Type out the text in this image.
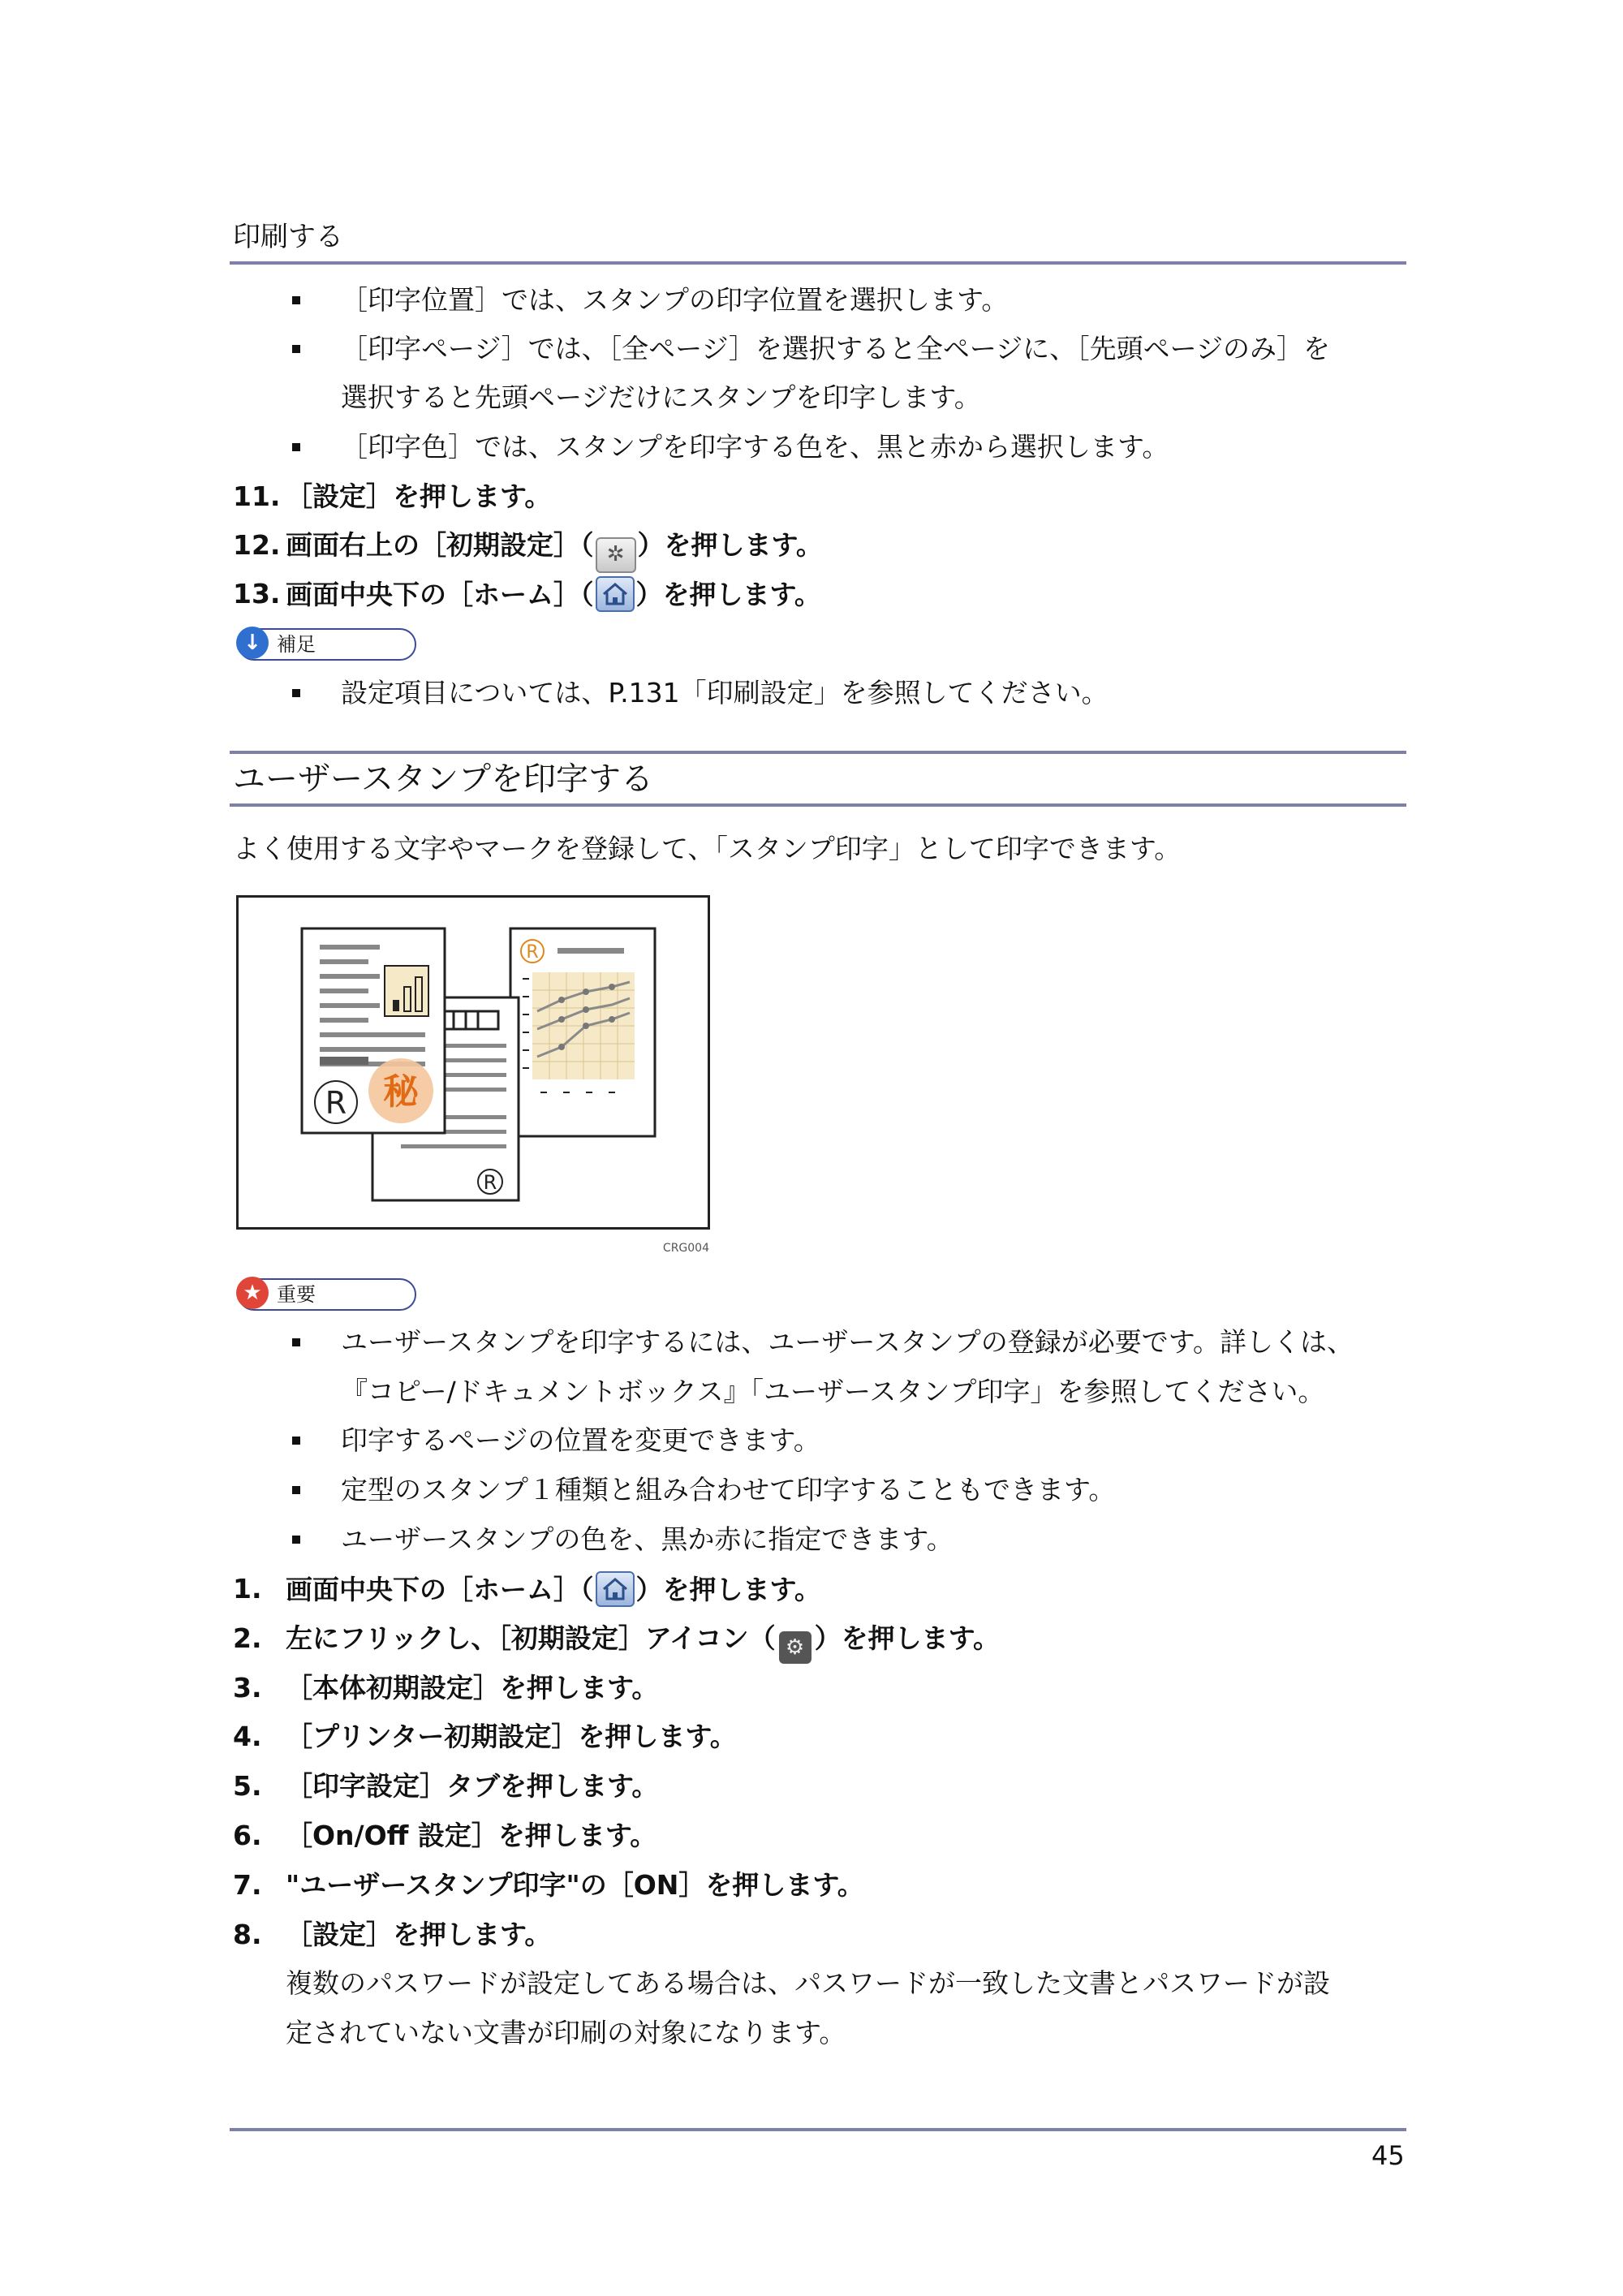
印刷する
［印字位置］では、スタンプの印字位置を選択します。
［印字ページ］では、［全ページ］を選択すると全ページに、［先頭ページのみ］を
選択すると先頭ページだけにスタンプを印字します。
［印字色］では、スタンプを印字する色を、黒と赤から選択します。
11. ［設定］を押します。
12. 画面右上の［初期設定］（ ✲ ）を押します。
13. 画面中央下の［ホーム］（ ）を押します。
↓ 補足
設定項目については、P.131「印刷設定」を参照してください。
ユーザースタンプを印字する
よく使用する文字やマークを登録して、「スタンプ印字」として印字できます。
R
R
R 秘
CRG004
★ 重要
ユーザースタンプを印字するには、ユーザースタンプの登録が必要です。詳しくは、
『コピー/ドキュメントボックス』「ユーザースタンプ印字」を参照してください。
印字するページの位置を変更できます。
定型のスタンプ１種類と組み合わせて印字することもできます。
ユーザースタンプの色を、黒か赤に指定できます。
1. 画面中央下の［ホーム］（ ）を押します。
2. 左にフリックし、［初期設定］アイコン（ ⚙ ）を押します。
3. ［本体初期設定］を押します。
4. ［プリンター初期設定］を押します。
5. ［印字設定］タブを押します。
6. ［On/Off 設定］を押します。
7. "ユーザースタンプ印字"の［ON］を押します。
8. ［設定］を押します。
複数のパスワードが設定してある場合は、パスワードが一致した文書とパスワードが設
定されていない文書が印刷の対象になります。
45
